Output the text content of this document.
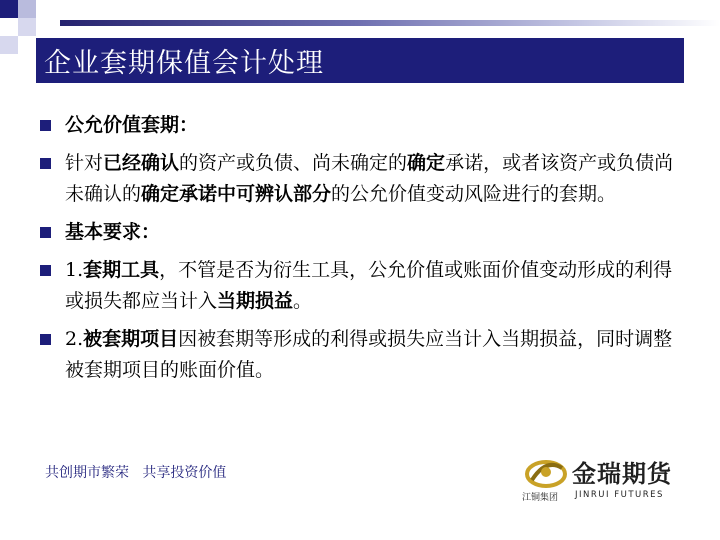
企业套期保值会计处理
公允价值套期：
针对已经确认的资产或负债、尚未确定的确定承诺，或者该资产或负债尚未确认的确定承诺中可辨认部分的公允价值变动风险进行的套期。
基本要求：
1.套期工具，不管是否为衍生工具，公允价值或账面价值变动形成的利得或损失都应当计入当期损益。
2.被套期项目因被套期等形成的利得或损失应当计入当期损益，同时调整被套期项目的账面价值。
共创期市繁荣   共享投资价值	金瑞期货
江铜集团 JINRUI FUTURES
